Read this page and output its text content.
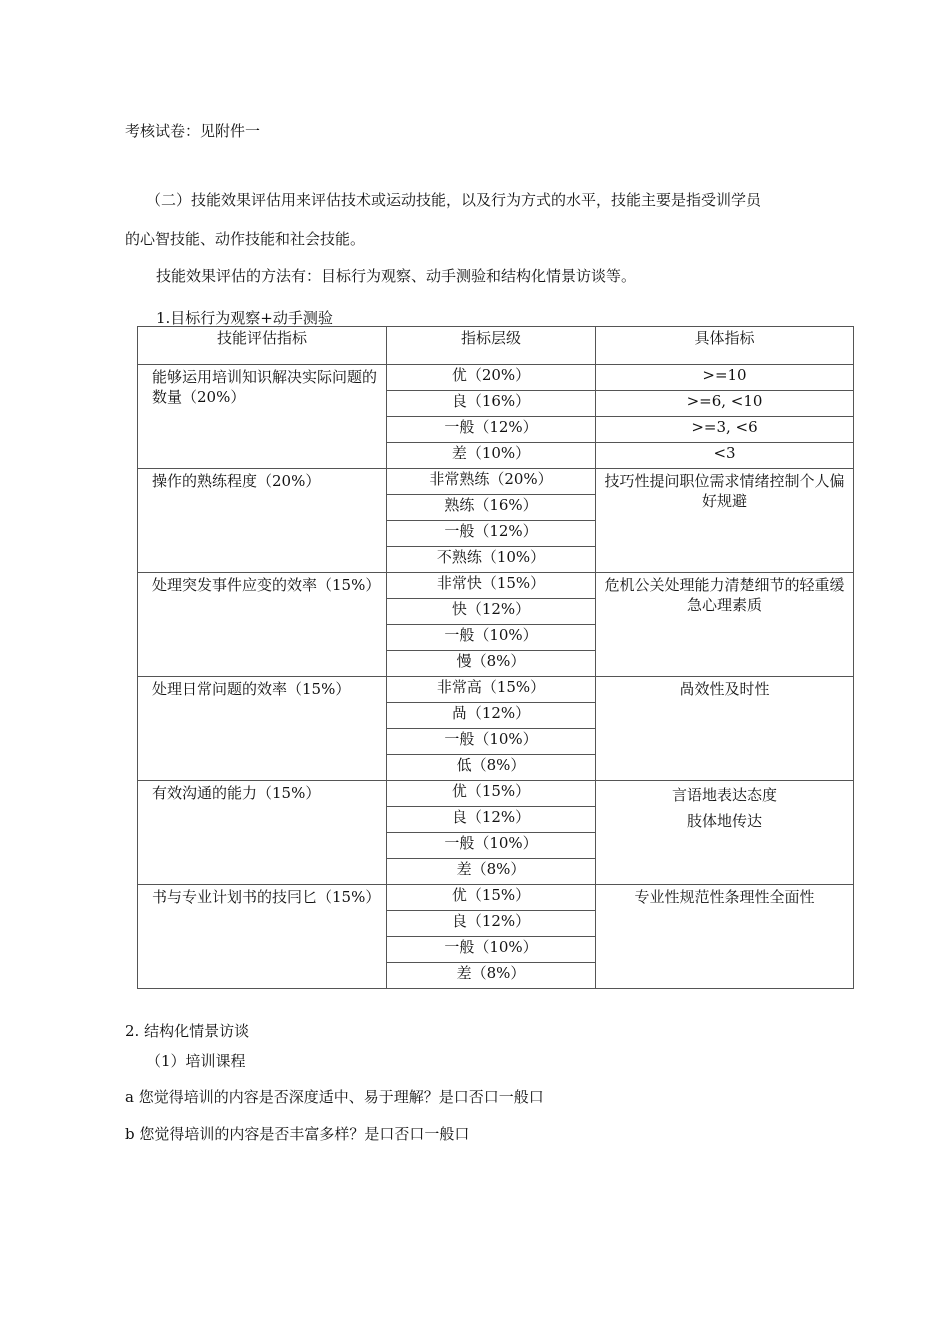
考核试卷：见附件一
（二）技能效果评估用来评估技术或运动技能，以及行为方式的水平，技能主要是指受训学员
的心智技能、动作技能和社会技能。
技能效果评估的方法有：目标行为观察、动手测验和结构化情景访谈等。
1.目标行为观察+动手测验
技能评估指标	指标层级	具体指标
能够运用培训知识解决实际问题的数量（20%）	优（20%）	>=10
	良（16%）	>=6, <10
	一般（12%）	>=3, <6
	差（10%）	<3
操作的熟练程度（20%）	非常熟练（20%）	技巧性提问职位需求情绪控制个人偏好规避

	熟练（16%）	
	一般（12%）	
	不熟练（10%）	
处理突发事件应变的效率（15%）	非常快（15%）	危机公关处理能力清楚细节的轻重缓急心理素质

	快（12%）	
	一般（10%）	
	慢（8%）	
处理日常问题的效率（15%）	非常高（15%）	咼效性及时性

	咼（12%）	
	一般（10%）	
	低（8%）	
有效沟通的能力（15%）	优（15%）	言语地表达态度
肢体地传达

	良（12%）	
	一般（10%）	
	差（8%）	
书与专业计划书的技冃匕（15%）	优（15%）	专业性规范性条理性全面性

	良（12%）	
	一般（10%）	
	差（8%）	
2. 结构化情景访谈
（1）培训课程
a 您觉得培训的内容是否深度适中、易于理解？是口否口一般口
b 您觉得培训的内容是否丰富多样？是口否口一般口
